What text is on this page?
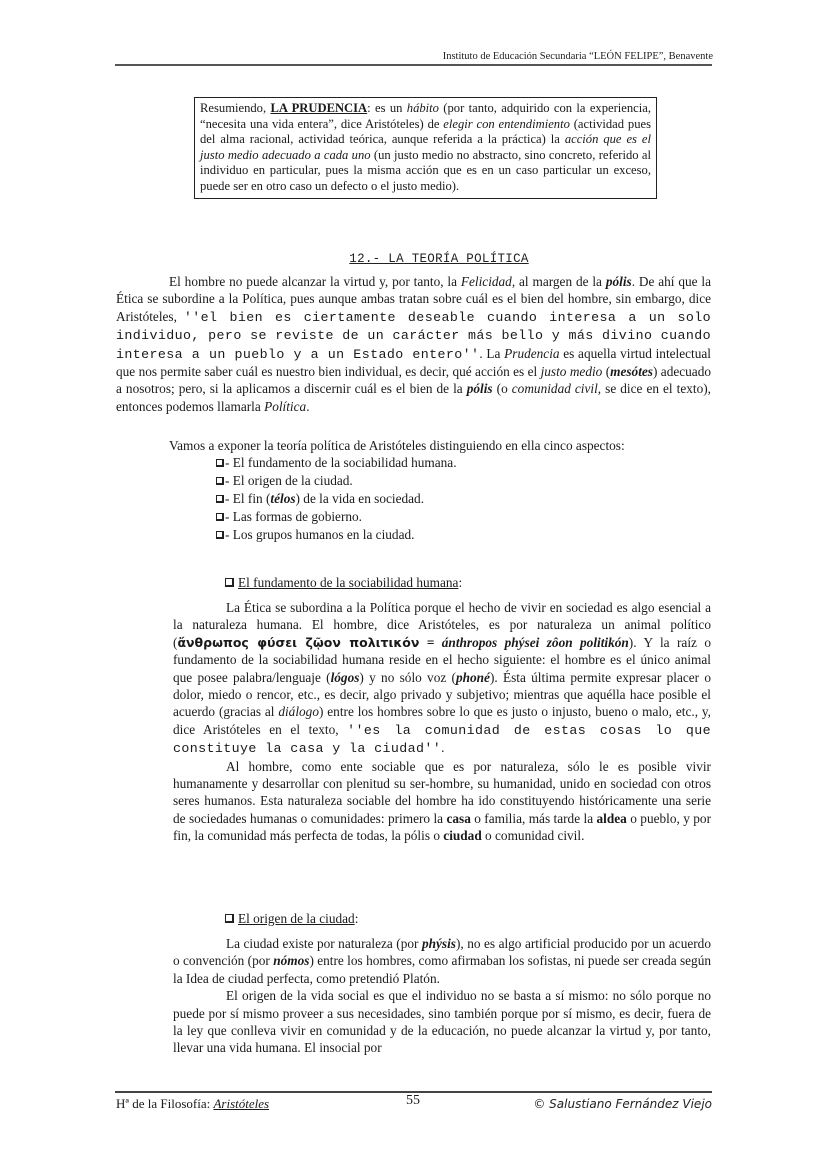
Instituto de Educación Secundaria “LEÓN FELIPE”, Benavente
Resumiendo, LA PRUDENCIA: es un hábito (por tanto, adquirido con la experiencia, “necesita una vida entera”, dice Aristóteles) de elegir con entendimiento (actividad pues del alma racional, actividad teórica, aunque referida a la práctica) la acción que es el justo medio adecuado a cada uno (un justo medio no abstracto, sino concreto, referido al individuo en particular, pues la misma acción que es en un caso particular un exceso, puede ser en otro caso un defecto o el justo medio).
12.- LA TEORÍA POLÍTICA
El hombre no puede alcanzar la virtud y, por tanto, la Felicidad, al margen de la pólis. De ahí que la Ética se subordine a la Política, pues aunque ambas tratan sobre cuál es el bien del hombre, sin embargo, dice Aristóteles, ''el bien es ciertamente deseable cuando interesa a un solo individuo, pero se reviste de un carácter más bello y más divino cuando interesa a un pueblo y a un Estado entero''. La Prudencia es aquella virtud intelectual que nos permite saber cuál es nuestro bien individual, es decir, qué acción es el justo medio (mesótes) adecuado a nosotros; pero, si la aplicamos a discernir cuál es el bien de la pólis (o comunidad civil, se dice en el texto), entonces podemos llamarla Política.
Vamos a exponer la teoría política de Aristóteles distinguiendo en ella cinco aspectos:
- El fundamento de la sociabilidad humana.
- El origen de la ciudad.
- El fin (télos) de la vida en sociedad.
- Las formas de gobierno.
- Los grupos humanos en la ciudad.
El fundamento de la sociabilidad humana:
La Ética se subordina a la Política porque el hecho de vivir en sociedad es algo esencial a la naturaleza humana. El hombre, dice Aristóteles, es por naturaleza un animal político (ἄνθρωπος φύσει ζῷον πολιτικόν = ánthropos phýsei zôon politikón). Y la raíz o fundamento de la sociabilidad humana reside en el hecho siguiente: el hombre es el único animal que posee palabra/lenguaje (lógos) y no sólo voz (phoné). Ésta última permite expresar placer o dolor, miedo o rencor, etc., es decir, algo privado y subjetivo; mientras que aquélla hace posible el acuerdo (gracias al diálogo) entre los hombres sobre lo que es justo o injusto, bueno o malo, etc., y, dice Aristóteles en el texto, ''es la comunidad de estas cosas lo que constituye la casa y la ciudad''.
Al hombre, como ente sociable que es por naturaleza, sólo le es posible vivir humanamente y desarrollar con plenitud su ser-hombre, su humanidad, unido en sociedad con otros seres humanos. Esta naturaleza sociable del hombre ha ido constituyendo históricamente una serie de sociedades humanas o comunidades: primero la casa o familia, más tarde la aldea o pueblo, y por fin, la comunidad más perfecta de todas, la pólis o ciudad o comunidad civil.
El origen de la ciudad:
La ciudad existe por naturaleza (por phýsis), no es algo artificial producido por un acuerdo o convención (por nómos) entre los hombres, como afirmaban los sofistas, ni puede ser creada según la Idea de ciudad perfecta, como pretendió Platón.
El origen de la vida social es que el individuo no se basta a sí mismo: no sólo porque no puede por sí mismo proveer a sus necesidades, sino también porque por sí mismo, es decir, fuera de la ley que conlleva vivir en comunidad y de la educación, no puede alcanzar la virtud y, por tanto, llevar una vida humana. El insocial por
Hª de la Filosofía: Aristóteles	55	© Salustiano Fernández Viejo
